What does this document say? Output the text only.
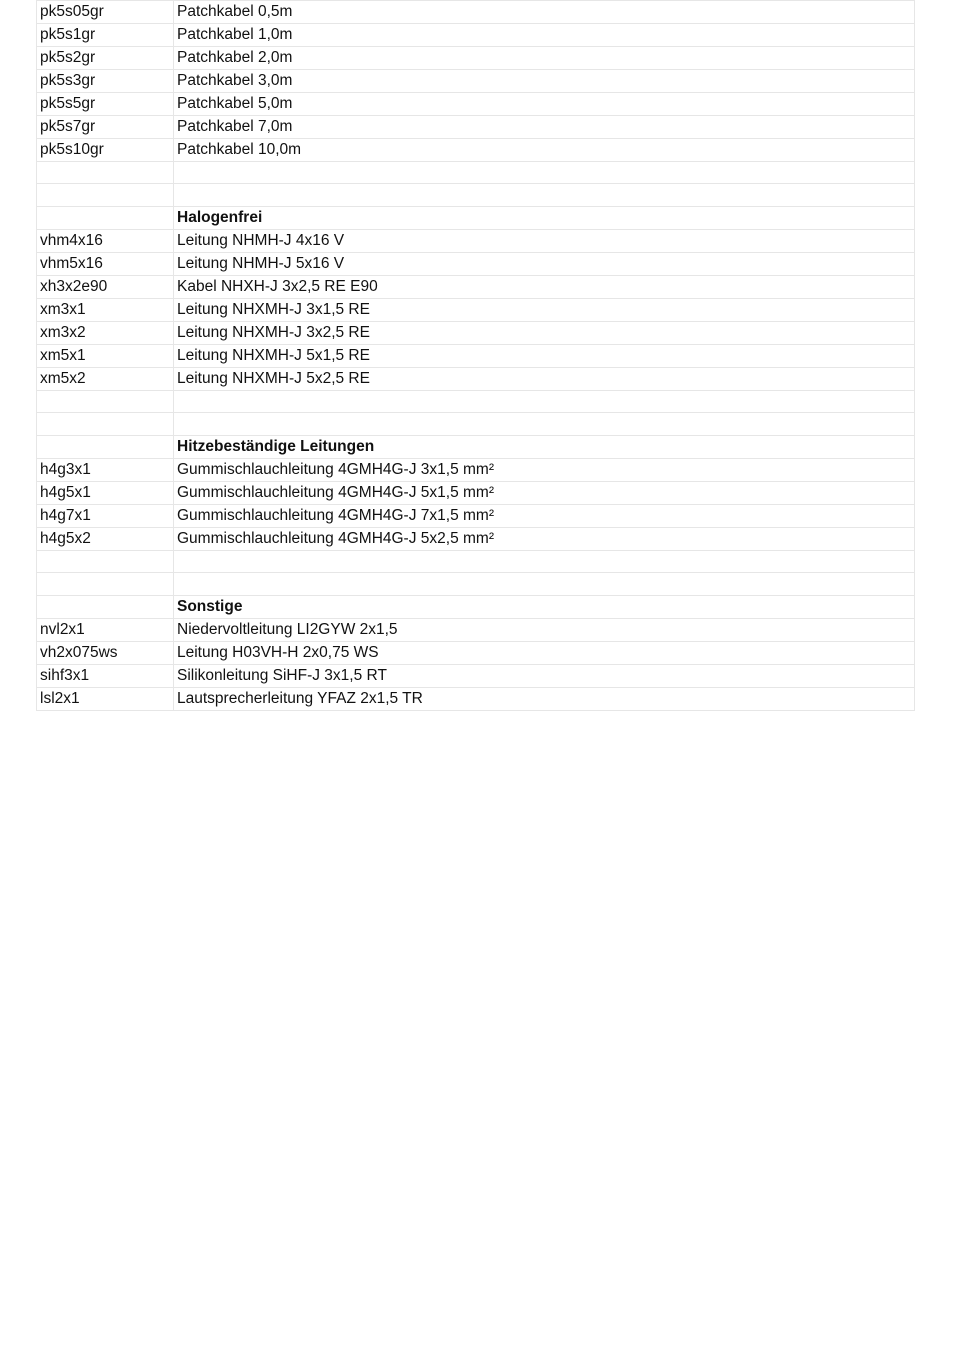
pk5s05gr	Patchkabel 0,5m
pk5s1gr	Patchkabel 1,0m
pk5s2gr	Patchkabel 2,0m
pk5s3gr	Patchkabel 3,0m
pk5s5gr	Patchkabel 5,0m
pk5s7gr	Patchkabel 7,0m
pk5s10gr	Patchkabel 10,0m

	Halogenfrei
vhm4x16	Leitung NHMH-J 4x16 V
vhm5x16	Leitung NHMH-J 5x16 V
xh3x2e90	Kabel NHXH-J 3x2,5 RE E90
xm3x1	Leitung NHXMH-J 3x1,5 RE
xm3x2	Leitung NHXMH-J 3x2,5 RE
xm5x1	Leitung NHXMH-J 5x1,5 RE
xm5x2	Leitung NHXMH-J 5x2,5 RE

	Hitzebeständige Leitungen
h4g3x1	Gummischlauchleitung 4GMH4G-J 3x1,5 mm²
h4g5x1	Gummischlauchleitung 4GMH4G-J 5x1,5 mm²
h4g7x1	Gummischlauchleitung 4GMH4G-J 7x1,5 mm²
h4g5x2	Gummischlauchleitung 4GMH4G-J 5x2,5 mm²

	Sonstige
nvl2x1	Niedervoltleitung LI2GYW 2x1,5
vh2x075ws	Leitung H03VH-H 2x0,75 WS
sihf3x1	Silikonleitung SiHF-J 3x1,5 RT
lsl2x1	Lautsprecherleitung YFAZ 2x1,5 TR
